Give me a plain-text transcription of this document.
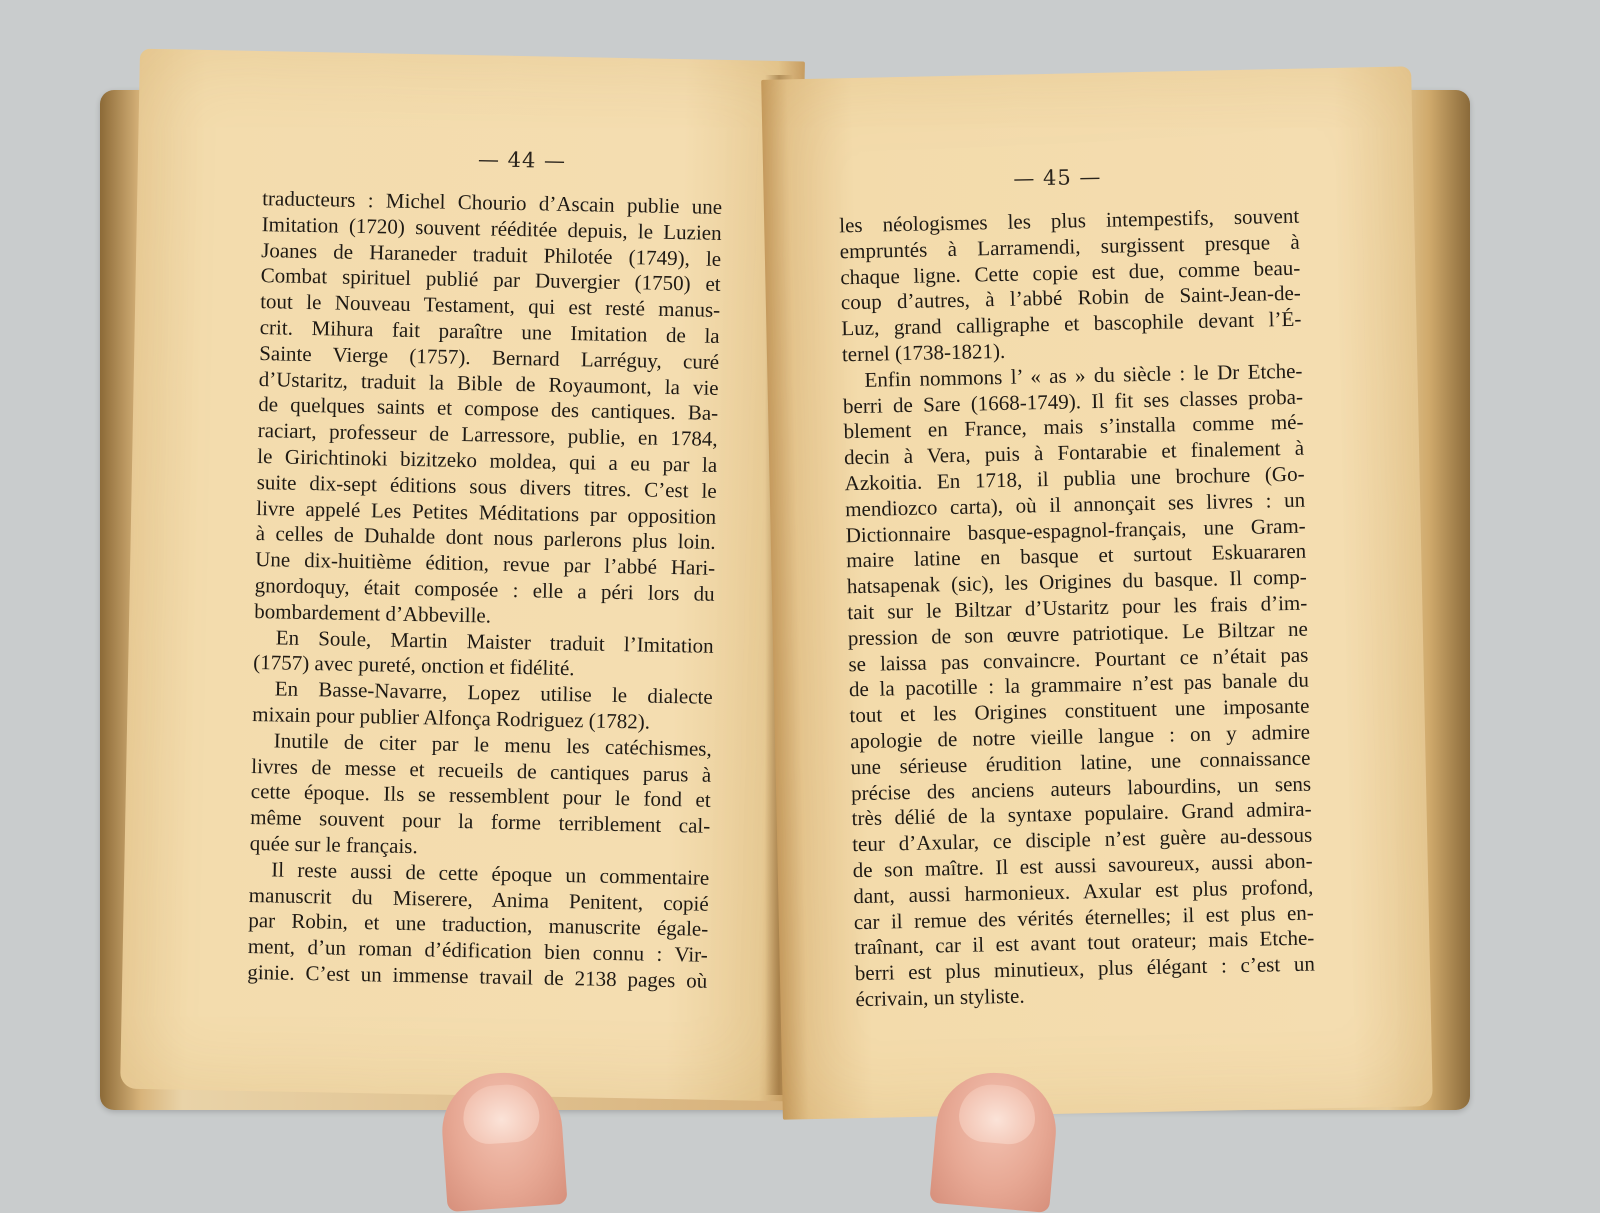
— 44 —
traducteurs : Michel Chourio d’Ascain publie une
Imitation (1720) souvent rééditée depuis, le Luzien
Joanes de Haraneder traduit Philotée (1749), le
Combat spirituel publié par Duvergier (1750) et
tout le Nouveau Testament, qui est resté manus-
crit. Mihura fait paraître une Imitation de la
Sainte Vierge (1757). Bernard Larréguy, curé
d’Ustaritz, traduit la Bible de Royaumont, la vie
de quelques saints et compose des cantiques. Ba-
raciart, professeur de Larressore, publie, en 1784,
le Girichtinoki bizitzeko moldea, qui a eu par la
suite dix-sept éditions sous divers titres. C’est le
livre appelé Les Petites Méditations par opposition
à celles de Duhalde dont nous parlerons plus loin.
Une dix-huitième édition, revue par l’abbé Hari-
gnordoquy, était composée : elle a péri lors du
bombardement d’Abbeville.
En Soule, Martin Maister traduit l’Imitation
(1757) avec pureté, onction et fidélité.
En Basse-Navarre, Lopez utilise le dialecte
mixain pour publier Alfonça Rodriguez (1782).
Inutile de citer par le menu les catéchismes,
livres de messe et recueils de cantiques parus à
cette époque. Ils se ressemblent pour le fond et
même souvent pour la forme terriblement cal-
quée sur le français.
Il reste aussi de cette époque un commentaire
manuscrit du Miserere, Anima Penitent, copié
par Robin, et une traduction, manuscrite égale-
ment, d’un roman d’édification bien connu : Vir-
ginie. C’est un immense travail de 2138 pages où
— 45 —
les néologismes les plus intempestifs, souvent
empruntés à Larramendi, surgissent presque à
chaque ligne. Cette copie est due, comme beau-
coup d’autres, à l’abbé Robin de Saint-Jean-de-
Luz, grand calligraphe et bascophile devant l’É-
ternel (1738-1821).
Enfin nommons l’ « as » du siècle : le Dr Etche-
berri de Sare (1668-1749). Il fit ses classes proba-
blement en France, mais s’installa comme mé-
decin à Vera, puis à Fontarabie et finalement à
Azkoitia. En 1718, il publia une brochure (Go-
mendiozco carta), où il annonçait ses livres : un
Dictionnaire basque-espagnol-français, une Gram-
maire latine en basque et surtout Eskuararen
hatsapenak (sic), les Origines du basque. Il comp-
tait sur le Biltzar d’Ustaritz pour les frais d’im-
pression de son œuvre patriotique. Le Biltzar ne
se laissa pas convaincre. Pourtant ce n’était pas
de la pacotille : la grammaire n’est pas banale du
tout et les Origines constituent une imposante
apologie de notre vieille langue : on y admire
une sérieuse érudition latine, une connaissance
précise des anciens auteurs labourdins, un sens
très délié de la syntaxe populaire. Grand admira-
teur d’Axular, ce disciple n’est guère au-dessous
de son maître. Il est aussi savoureux, aussi abon-
dant, aussi harmonieux. Axular est plus profond,
car il remue des vérités éternelles; il est plus en-
traînant, car il est avant tout orateur; mais Etche-
berri est plus minutieux, plus élégant : c’est un
écrivain, un styliste.
